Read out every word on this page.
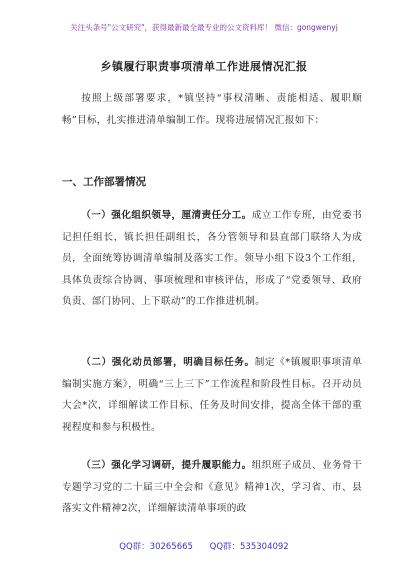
关注头条号"公文研究"，获得最新最全最专业的公文资料库！ 微信：gongwenyj
乡镇履行职责事项清单工作进展情况汇报

按照上级部署要求，*镇坚持“事权清晰、责能相适、履职顺畅”目标，扎实推进清单编制工作。现将进展情况汇报如下：

一、工作部署情况

（一）强化组织领导，厘清责任分工。成立工作专班，由党委书记担任组长，镇长担任副组长，各分管领导和县直部门联络人为成员，全面统筹协调清单编制及落实工作。领导小组下设3个工作组，具体负责综合协调、事项梳理和审核评估，形成了“党委领导、政府负责、部门协同、上下联动”的工作推进机制。

（二）强化动员部署，明确目标任务。制定《*镇履职事项清单编制实施方案》，明确“三上三下”工作流程和阶段性目标。召开动员大会*次，详细解读工作目标、任务及时间安排，提高全体干部的重视程度和参与积极性。

（三）强化学习调研，提升履职能力。组织班子成员、业务骨干专题学习党的二十届三中全会和《意见》精神1次，学习省、市、县落实文件精神2次，详细解读清单事项的政

QQ群：30265665 QQ群：535304092
